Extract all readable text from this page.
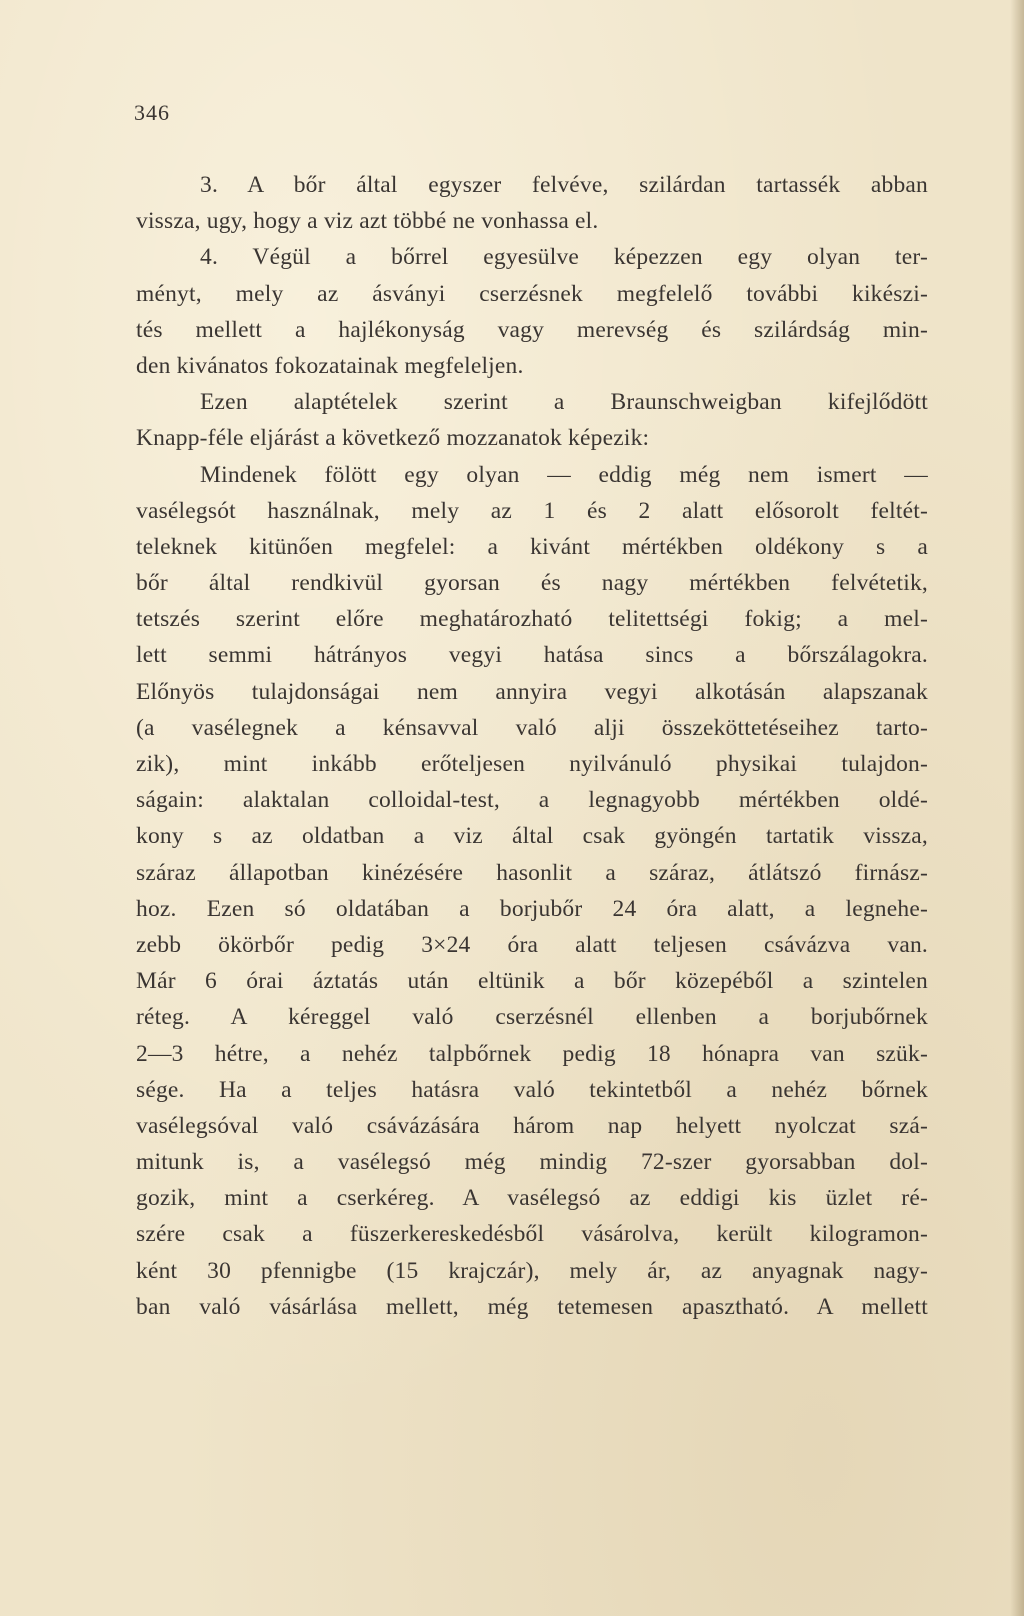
346
3. A bőr által egyszer felvéve, szilárdan tartassék abban
vissza, ugy, hogy a viz azt többé ne vonhassa el.
4. Végül a bőrrel egyesülve képezzen egy olyan ter-
ményt, mely az ásványi cserzésnek megfelelő további kikészi-
tés mellett a hajlékonyság vagy merevség és szilárdság min-
den kivánatos fokozatainak megfeleljen.
Ezen alaptételek szerint a Braunschweigban kifejlődött
Knapp-féle eljárást a következő mozzanatok képezik:
Mindenek fölött egy olyan — eddig még nem ismert —
vasélegsót használnak, mely az 1 és 2 alatt elősorolt feltét-
teleknek kitünően megfelel: a kivánt mértékben oldékony s a
bőr által rendkivül gyorsan és nagy mértékben felvétetik,
tetszés szerint előre meghatározható telitettségi fokig; a mel-
lett semmi hátrányos vegyi hatása sincs a bőrszálagokra.
Előnyös tulajdonságai nem annyira vegyi alkotásán alapszanak
(a vasélegnek a kénsavval való alji összeköttetéseihez tarto-
zik), mint inkább erőteljesen nyilvánuló physikai tulajdon-
ságain: alaktalan colloidal-test, a legnagyobb mértékben oldé-
kony s az oldatban a viz által csak gyöngén tartatik vissza,
száraz állapotban kinézésére hasonlit a száraz, átlátszó firnász-
hoz. Ezen só oldatában a borjubőr 24 óra alatt, a legnehe-
zebb ökörbőr pedig 3×24 óra alatt teljesen csávázva van.
Már 6 órai áztatás után eltünik a bőr közepéből a szintelen
réteg. A kéreggel való cserzésnél ellenben a borjubőrnek
2—3 hétre, a nehéz talpbőrnek pedig 18 hónapra van szük-
sége. Ha a teljes hatásra való tekintetből a nehéz bőrnek
vasélegsóval való csávázására három nap helyett nyolczat szá-
mitunk is, a vasélegsó még mindig 72-szer gyorsabban dol-
gozik, mint a cserkéreg. A vasélegsó az eddigi kis üzlet ré-
szére csak a füszerkereskedésből vásárolva, került kilogramon-
ként 30 pfennigbe (15 krajczár), mely ár, az anyagnak nagy-
ban való vásárlása mellett, még tetemesen apasztható. A mellett
